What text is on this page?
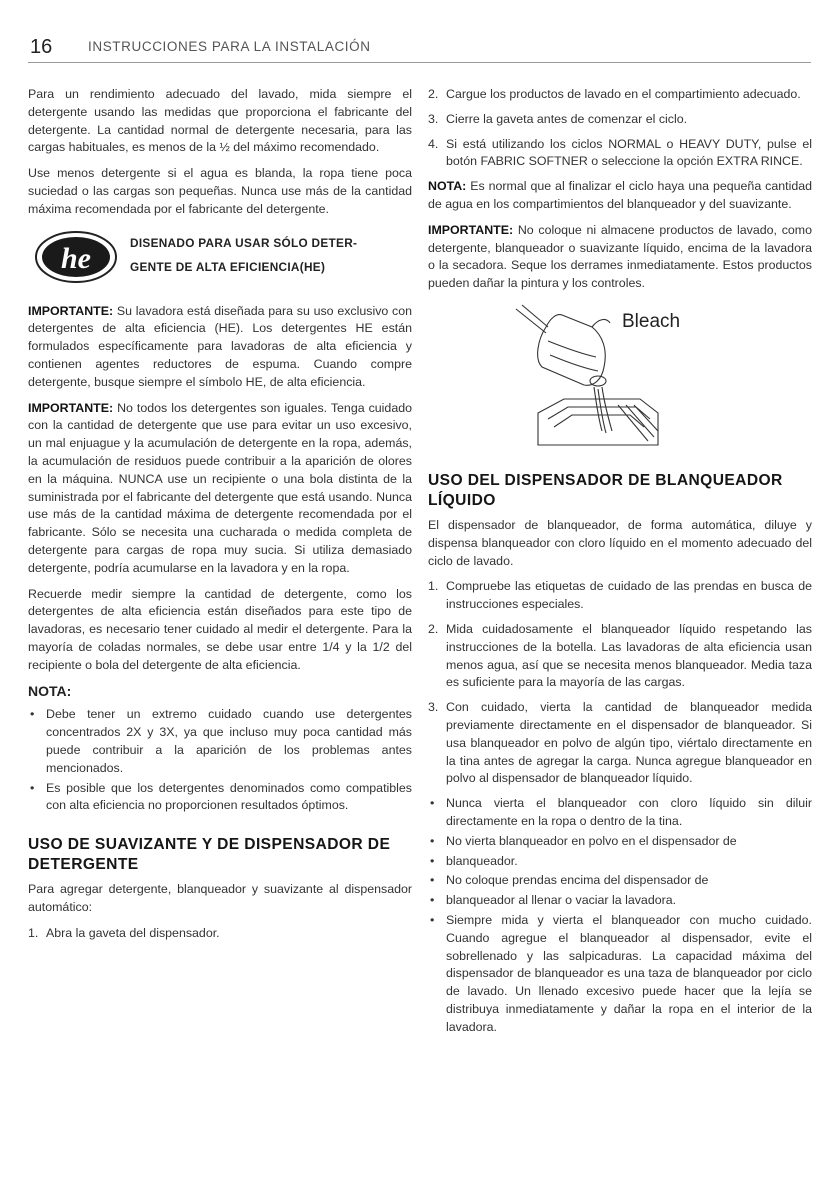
16	INSTRUCCIONES PARA LA INSTALACIÓN

Para un rendimiento adecuado del lavado, mida siempre el detergente usando las medidas que proporciona el fabricante del detergente. La cantidad normal de detergente necesaria, para las cargas habituales, es menos de la ½ del máximo recomendado.

Use menos detergente si el agua es blanda, la ropa tiene poca suciedad o las cargas son pequeñas. Nunca use más de la cantidad máxima recomendada por el fabricante del detergente.

he	DISENADO PARA USAR SÓLO DETER-
GENTE DE ALTA EFICIENCIA(HE)

IMPORTANTE: Su lavadora está diseñada para su uso exclusivo con detergentes de alta eficiencia (HE). Los detergentes HE están formulados específicamente para lavadoras de alta eficiencia y contienen agentes reductores de espuma. Cuando compre detergente, busque siempre el símbolo HE, de alta eficiencia.

IMPORTANTE: No todos los detergentes son iguales. Tenga cuidado con la cantidad de detergente que use para evitar un uso excesivo, un mal enjuague y la acumulación de detergente en la ropa, además, la acumulación de residuos puede contribuir a la aparición de olores en la máquina. NUNCA use un recipiente o una bola distinta de la suministrada por el fabricante del detergente que está usando. Nunca use más de la cantidad máxima de detergente recomendada por el fabricante. Sólo se necesita una cucharada o medida completa de detergente para cargas de ropa muy sucia. Si utiliza demasiado detergente, podría acumularse en la lavadora y en la ropa.

Recuerde medir siempre la cantidad de detergente, como los detergentes de alta eficiencia están diseñados para este tipo de lavadoras, es necesario tener cuidado al medir el detergente. Para la mayoría de coladas normales, se debe usar entre 1/4 y la 1/2 del recipiente o bola del detergente de alta eficiencia.

NOTA:
• Debe tener un extremo cuidado cuando use detergentes concentrados 2X y 3X, ya que incluso muy poca cantidad más puede contribuir a la aparición de los problemas antes mencionados.
• Es posible que los detergentes denominados como compatibles con alta eficiencia no proporcionen resultados óptimos.
USO DE SUAVIZANTE Y DE DISPENSADOR DE DETERGENTE

Para agregar detergente, blanqueador y suavizante al dispensador automático:

1. Abra la gaveta del dispensador.
2. Cargue los productos de lavado en el compartimiento adecuado.
3. Cierre la gaveta antes de comenzar el ciclo.
4. Si está utilizando los ciclos NORMAL o HEAVY DUTY, pulse el botón FABRIC SOFTNER o seleccione la opción EXTRA RINCE.

NOTA: Es normal que al finalizar el ciclo haya una pequeña cantidad de agua en los compartimientos del blanqueador y del suavizante.

IMPORTANTE: No coloque ni almacene productos de lavado, como detergente, blanqueador o suavizante líquido, encima de la lavadora o la secadora. Seque los derrames inmediatamente. Estos productos pueden dañar la pintura y los controles.

Bleach
USO DEL DISPENSADOR DE BLANQUEADOR LÍQUIDO

El dispensador de blanqueador, de forma automática, diluye y dispensa blanqueador con cloro líquido en el momento adecuado del ciclo de lavado.

1. Compruebe las etiquetas de cuidado de las prendas en busca de instrucciones especiales.
2. Mida cuidadosamente el blanqueador líquido respetando las instrucciones de la botella. Las lavadoras de alta eficiencia usan menos agua, así que se necesita menos blanqueador. Media taza es suficiente para la mayoría de las cargas.
3. Con cuidado, vierta la cantidad de blanqueador medida previamente directamente en el dispensador de blanqueador. Si usa blanqueador en polvo de algún tipo, viértalo directamente en la tina antes de agregar la carga. Nunca agregue blanqueador en polvo al dispensador de blanqueador líquido.
• Nunca vierta el blanqueador con cloro líquido sin diluir directamente en la ropa o dentro de la tina.
• No vierta blanqueador en polvo en el dispensador de
• blanqueador.
• No coloque prendas encima del dispensador de
• blanqueador al llenar o vaciar la lavadora.
• Siempre mida y vierta el blanqueador con mucho cuidado. Cuando agregue el blanqueador al dispensador, evite el sobrellenado y las salpicaduras. La capacidad máxima del dispensador de blanqueador es una taza de blanqueador por ciclo de lavado. Un llenado excesivo puede hacer que la lejía se distribuya inmediatamente y dañar la ropa en el interior de la lavadora.
